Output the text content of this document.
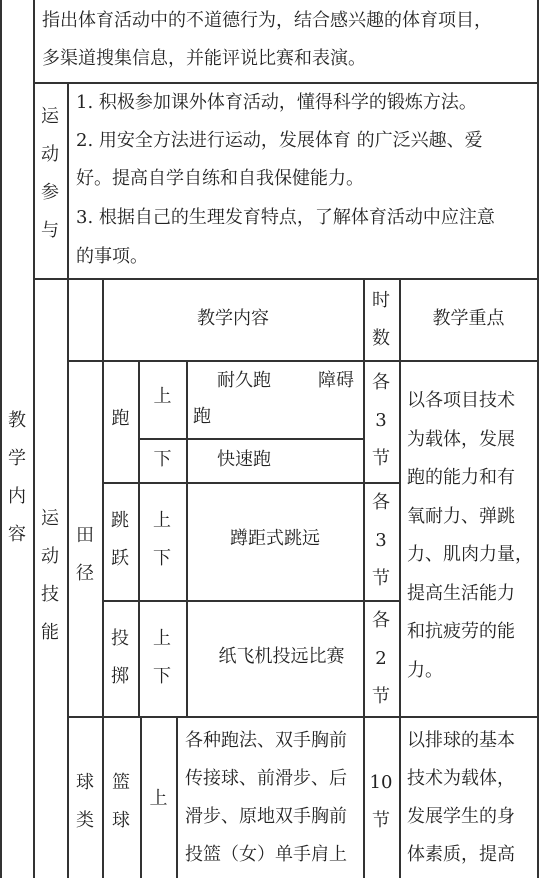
指出体育活动中的不道德行为，结合感兴趣的体育项目，
多渠道搜集信息，并能评说比赛和表演。
运
动
参
与
1. 积极参加课外体育活动，懂得科学的锻炼方法。
2. 用安全方法进行运动，发展体育 的广泛兴趣、爱
好。提高自学自练和自我保健能力。
3. 根据自己的生理发育特点，了解体育活动中应注意
的事项。
教
学
内
容
运
动
技
能
教学内容
时
数
教学重点
田
径
跑
上
下
耐久跑	障碍
跑
快速跑
各
3
节
跳
跃
上
下
蹲距式跳远
各
3
节
投
掷
上
下
纸飞机投远比赛
各
2
节
以各项目技术
为载体，发展
跑的能力和有
氧耐力、弹跳
力、肌肉力量，
提高生活能力
和抗疲劳的能
力。
球
类
篮
球
上
各种跑法、双手胸前
传接球、前滑步、后
滑步、原地双手胸前
投篮（女）单手肩上
10
节
以排球的基本
技术为载体，
发展学生的身
体素质，提高
